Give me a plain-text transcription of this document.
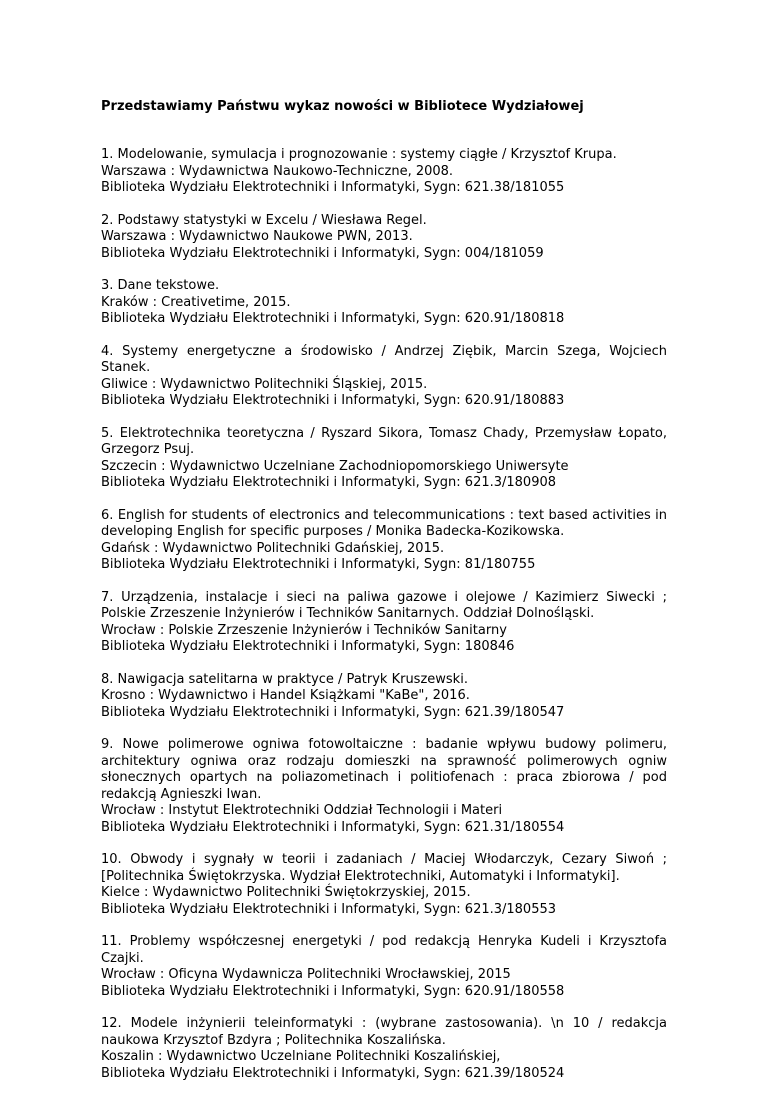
Przedstawiamy Państwu wykaz nowości w Bibliotece Wydziałowej

1. Modelowanie, symulacja i prognozowanie : systemy ciągłe / Krzysztof Krupa.

Warszawa : Wydawnictwa Naukowo-Techniczne, 2008.

Biblioteka Wydziału Elektrotechniki i Informatyki, Sygn: 621.38/181055

2. Podstawy statystyki w Excelu / Wiesława Regel.

Warszawa : Wydawnictwo Naukowe PWN, 2013.

Biblioteka Wydziału Elektrotechniki i Informatyki, Sygn: 004/181059

3. Dane tekstowe.

Kraków : Creativetime, 2015.

Biblioteka Wydziału Elektrotechniki i Informatyki, Sygn: 620.91/180818

4. Systemy energetyczne a środowisko / Andrzej Ziębik, Marcin Szega, Wojciech Stanek.

Gliwice : Wydawnictwo Politechniki Śląskiej, 2015.

Biblioteka Wydziału Elektrotechniki i Informatyki, Sygn: 620.91/180883

5. Elektrotechnika teoretyczna / Ryszard Sikora, Tomasz Chady, Przemysław Łopato, Grzegorz Psuj.

Szczecin : Wydawnictwo Uczelniane Zachodniopomorskiego Uniwersyte

Biblioteka Wydziału Elektrotechniki i Informatyki, Sygn: 621.3/180908

6. English for students of electronics and telecommunications : text based activities in developing English for specific purposes / Monika Badecka-Kozikowska.

Gdańsk : Wydawnictwo Politechniki Gdańskiej, 2015.

Biblioteka Wydziału Elektrotechniki i Informatyki, Sygn: 81/180755

7. Urządzenia, instalacje i sieci na paliwa gazowe i olejowe / Kazimierz Siwecki ; Polskie Zrzeszenie Inżynierów i Techników Sanitarnych. Oddział Dolnośląski.

Wrocław : Polskie Zrzeszenie Inżynierów i Techników Sanitarny

Biblioteka Wydziału Elektrotechniki i Informatyki, Sygn: 180846

8. Nawigacja satelitarna w praktyce / Patryk Kruszewski.

Krosno : Wydawnictwo i Handel Książkami "KaBe", 2016.

Biblioteka Wydziału Elektrotechniki i Informatyki, Sygn: 621.39/180547

9. Nowe polimerowe ogniwa fotowoltaiczne : badanie wpływu budowy polimeru, architektury ogniwa oraz rodzaju domieszki na sprawność polimerowych ogniw słonecznych opartych na poliazometinach i politiofenach : praca zbiorowa / pod redakcją Agnieszki Iwan.

Wrocław : Instytut Elektrotechniki Oddział Technologii i Materi

Biblioteka Wydziału Elektrotechniki i Informatyki, Sygn: 621.31/180554

10. Obwody i sygnały w teorii i zadaniach / Maciej Włodarczyk, Cezary Siwoń ; [Politechnika Świętokrzyska. Wydział Elektrotechniki, Automatyki i Informatyki].

Kielce : Wydawnictwo Politechniki Świętokrzyskiej, 2015.

Biblioteka Wydziału Elektrotechniki i Informatyki, Sygn: 621.3/180553

11. Problemy współczesnej energetyki / pod redakcją Henryka Kudeli i Krzysztofa Czajki.

Wrocław : Oficyna Wydawnicza Politechniki Wrocławskiej, 2015

Biblioteka Wydziału Elektrotechniki i Informatyki, Sygn: 620.91/180558

12. Modele inżynierii teleinformatyki : (wybrane zastosowania). \n 10 / redakcja naukowa Krzysztof Bzdyra ; Politechnika Koszalińska.

Koszalin : Wydawnictwo Uczelniane Politechniki Koszalińskiej,

Biblioteka Wydziału Elektrotechniki i Informatyki, Sygn: 621.39/180524
